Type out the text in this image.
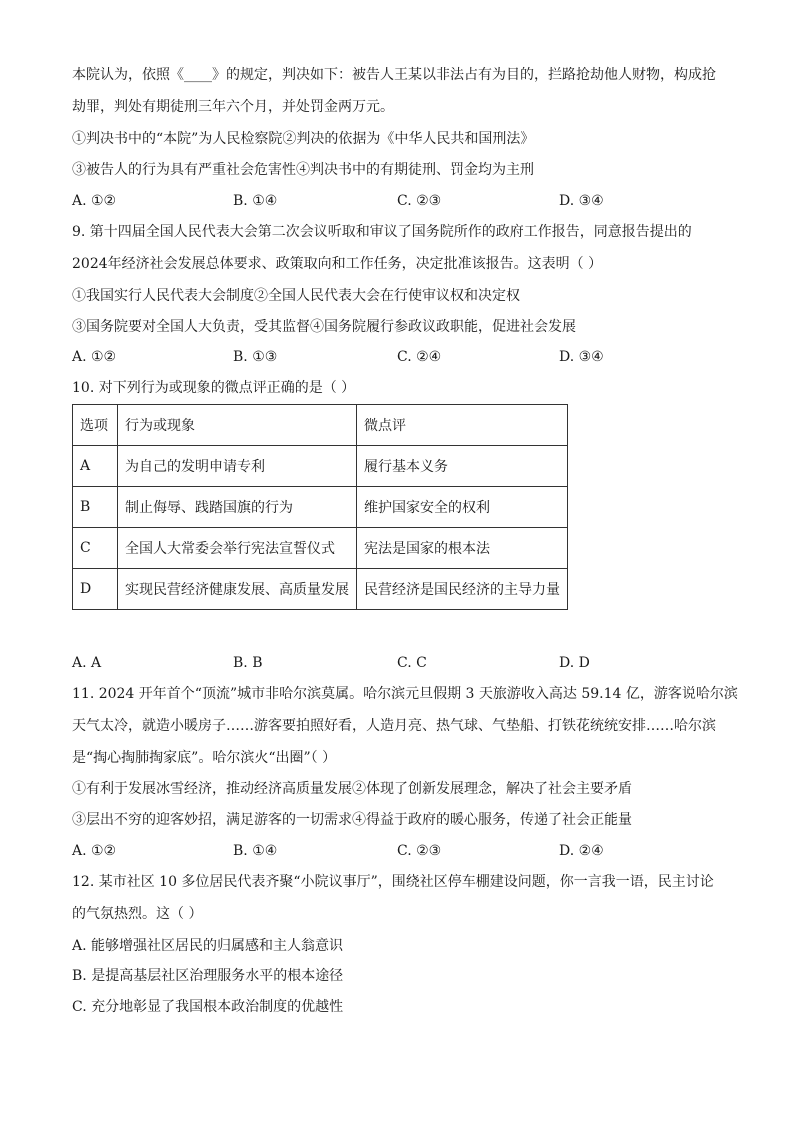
本院认为，依照《____》的规定，判决如下：被告人王某以非法占有为目的，拦路抢劫他人财物，构成抢
劫罪，判处有期徒刑三年六个月，并处罚金两万元。
①判决书中的“本院”为人民检察院②判决的依据为《中华人民共和国刑法》
③被告人的行为具有严重社会危害性④判决书中的有期徒刑、罚金均为主刑
A. ①②	B. ①④	C. ②③	D. ③④
9. 第十四届全国人民代表大会第二次会议听取和审议了国务院所作的政府工作报告，同意报告提出的
2024年经济社会发展总体要求、政策取向和工作任务，决定批准该报告。这表明（ ）
①我国实行人民代表大会制度②全国人民代表大会在行使审议权和决定权
③国务院要对全国人大负责，受其监督④国务院履行参政议政职能，促进社会发展
A. ①②	B. ①③	C. ②④	D. ③④
10. 对下列行为或现象的微点评正确的是（ ）
选项	行为或现象	微点评
A	为自己的发明申请专利	履行基本义务
B	制止侮辱、践踏国旗的行为	维护国家安全的权利
C	全国人大常委会举行宪法宣誓仪式	宪法是国家的根本法
D	实现民营经济健康发展、高质量发展	民营经济是国民经济的主导力量
A. A	B. B	C. C	D. D
11. 2024 开年首个“顶流”城市非哈尔滨莫属。哈尔滨元旦假期 3 天旅游收入高达 59.14 亿，游客说哈尔滨
天气太冷，就造小暖房子……游客要拍照好看，人造月亮、热气球、气垫船、打铁花统统安排……哈尔滨
是“掏心掏肺掏家底”。哈尔滨火“出圈”（ ）
①有利于发展冰雪经济，推动经济高质量发展②体现了创新发展理念，解决了社会主要矛盾
③层出不穷的迎客妙招，满足游客的一切需求④得益于政府的暖心服务，传递了社会正能量
A. ①②	B. ①④	C. ②③	D. ②④
12. 某市社区 10 多位居民代表齐聚“小院议事厅”，围绕社区停车棚建设问题，你一言我一语，民主讨论
的气氛热烈。这（ ）
A. 能够增强社区居民的归属感和主人翁意识
B. 是提高基层社区治理服务水平的根本途径
C. 充分地彰显了我国根本政治制度的优越性
